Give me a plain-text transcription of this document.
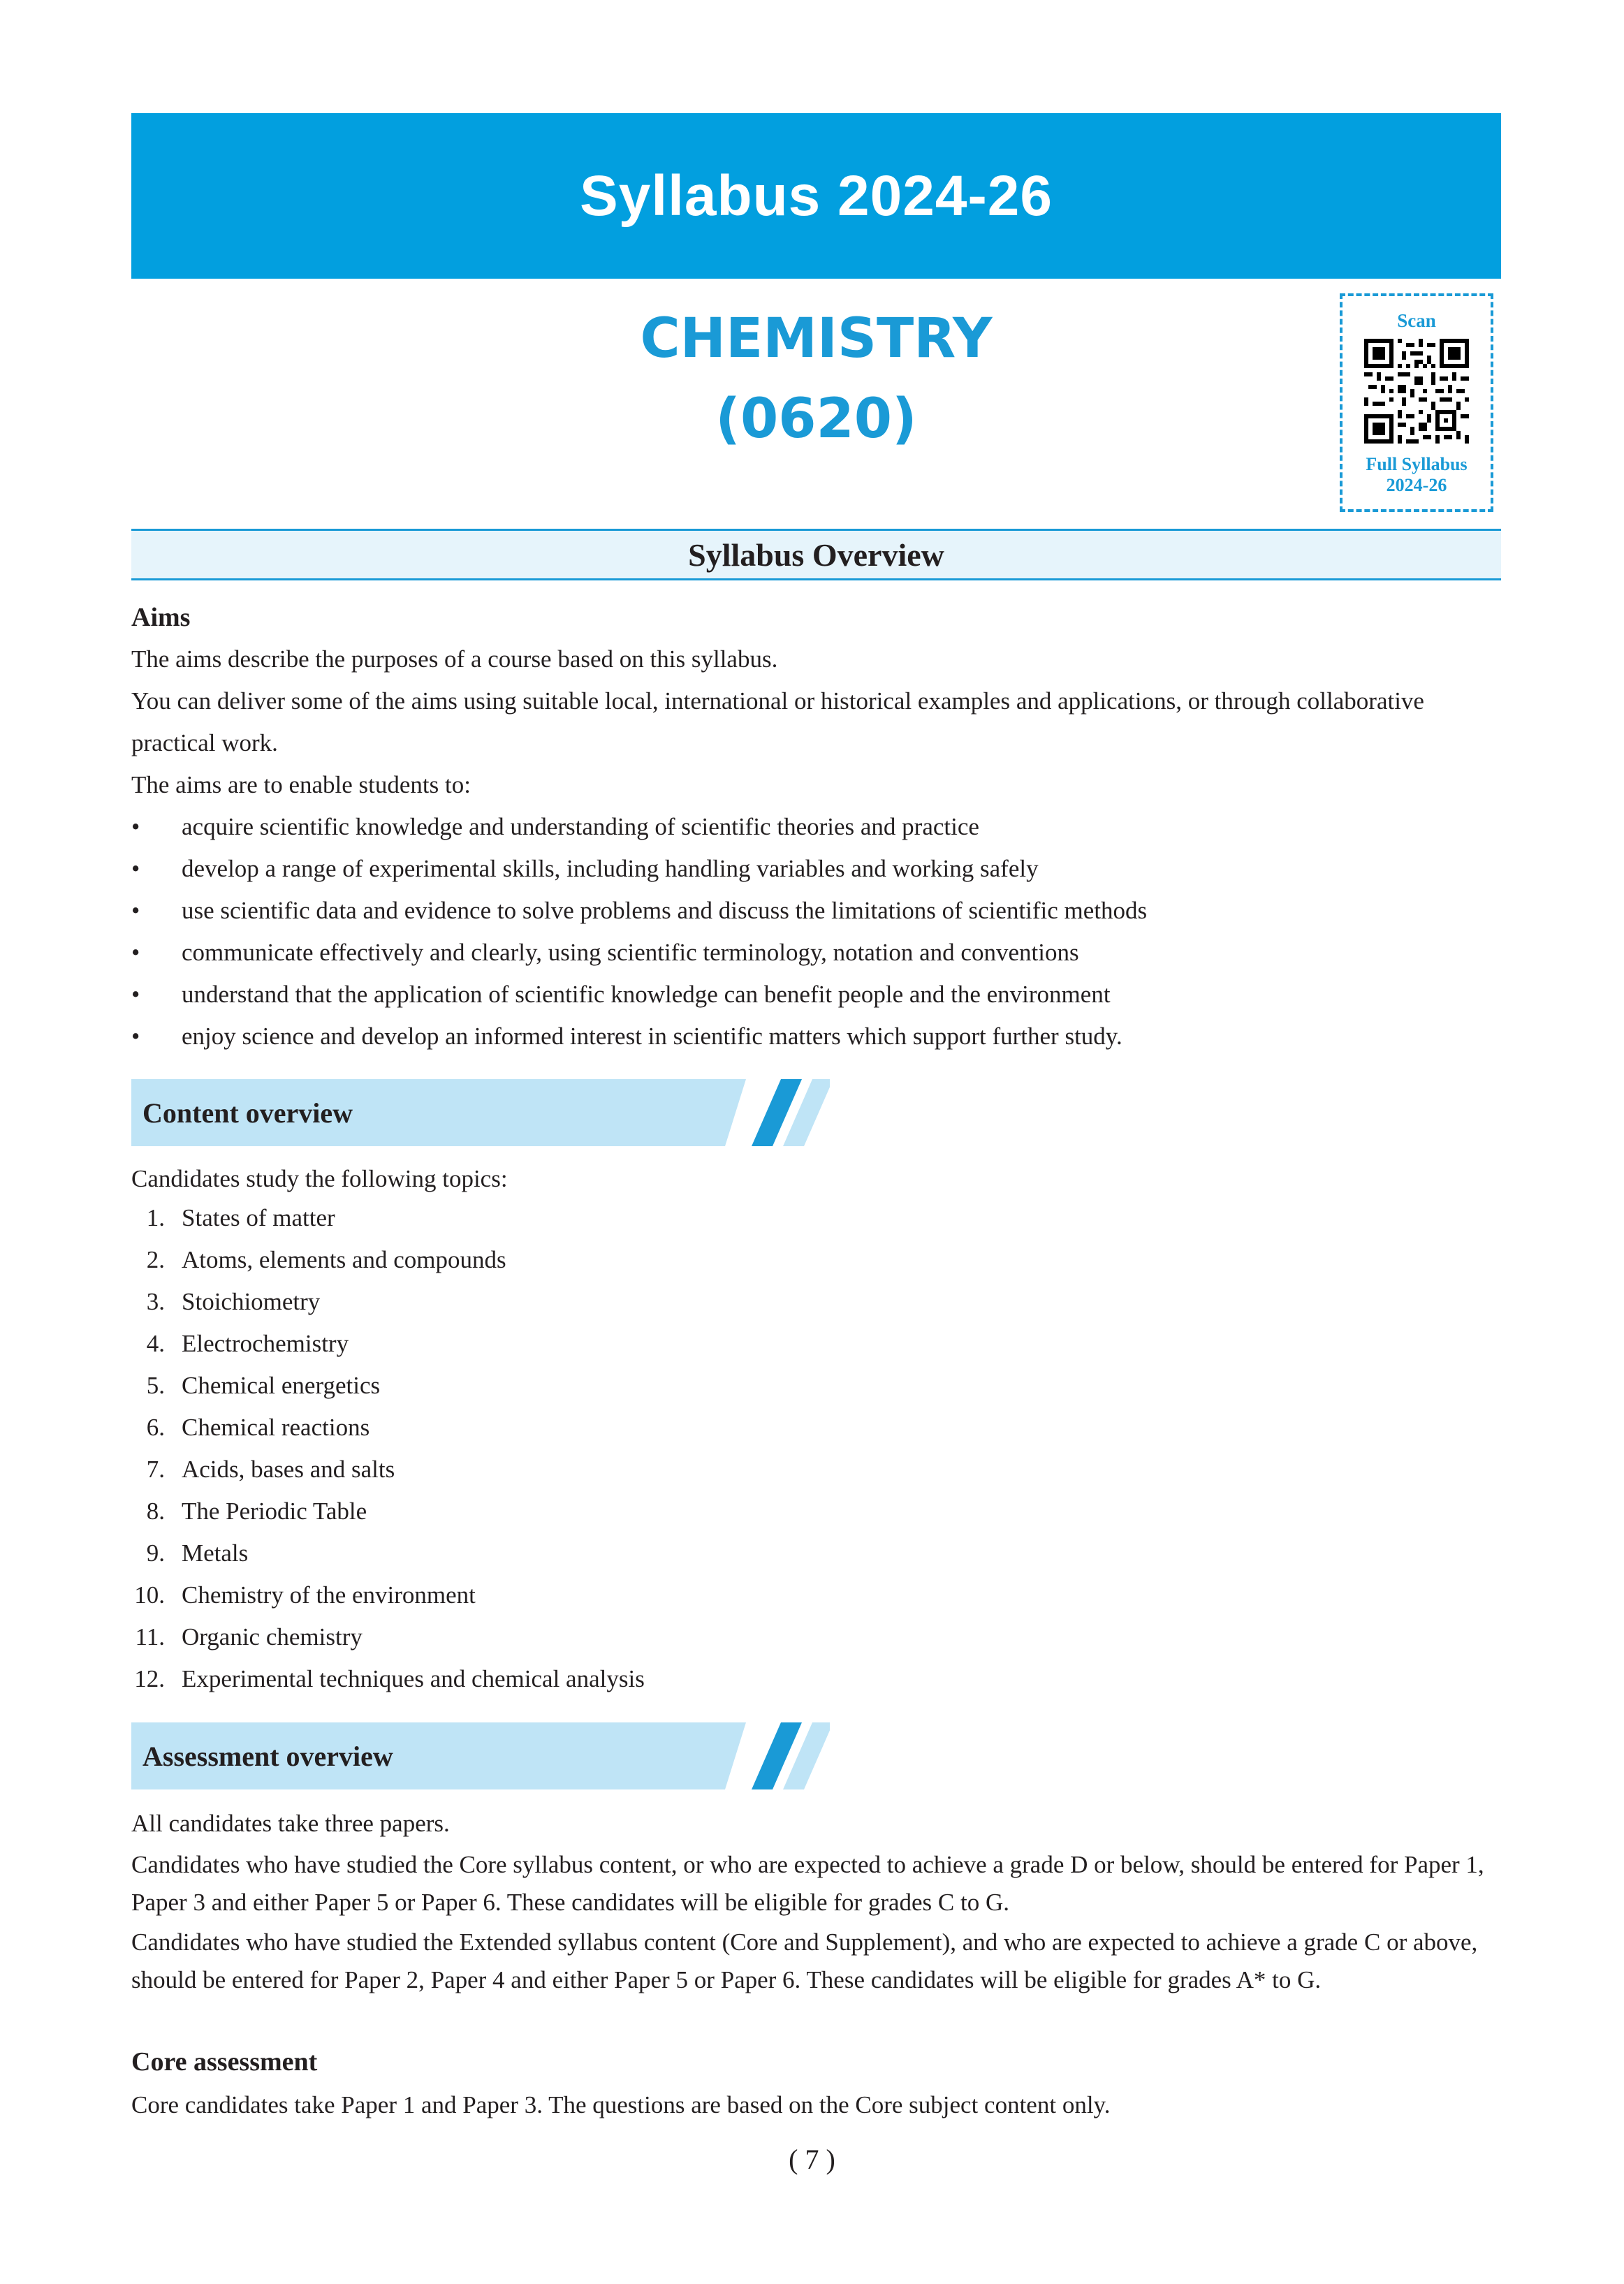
Syllabus 2024-26
CHEMISTRY
(0620)
Scan
Full Syllabus
2024-26
Syllabus Overview
Aims
The aims describe the purposes of a course based on this syllabus.
You can deliver some of the aims using suitable local, international or historical examples and applications, or through collaborative practical work.
The aims are to enable students to:
•	acquire scientific knowledge and understanding of scientific theories and practice
•	develop a range of experimental skills, including handling variables and working safely
•	use scientific data and evidence to solve problems and discuss the limitations of scientific methods
•	communicate effectively and clearly, using scientific terminology, notation and conventions
•	understand that the application of scientific knowledge can benefit people and the environment
•	enjoy science and develop an informed interest in scientific matters which support further study.
Content overview
Candidates study the following topics:
1. States of matter
2. Atoms, elements and compounds
3. Stoichiometry
4. Electrochemistry
5. Chemical energetics
6. Chemical reactions
7. Acids, bases and salts
8. The Periodic Table
9. Metals
10. Chemistry of the environment
11. Organic chemistry
12. Experimental techniques and chemical analysis
Assessment overview
All candidates take three papers.
Candidates who have studied the Core syllabus content, or who are expected to achieve a grade D or below, should be entered for Paper 1, Paper 3 and either Paper 5 or Paper 6. These candidates will be eligible for grades C to G.
Candidates who have studied the Extended syllabus content (Core and Supplement), and who are expected to achieve a grade C or above, should be entered for Paper 2, Paper 4 and either Paper 5 or Paper 6. These candidates will be eligible for grades A* to G.
Core assessment
Core candidates take Paper 1 and Paper 3. The questions are based on the Core subject content only.
( 7 )
